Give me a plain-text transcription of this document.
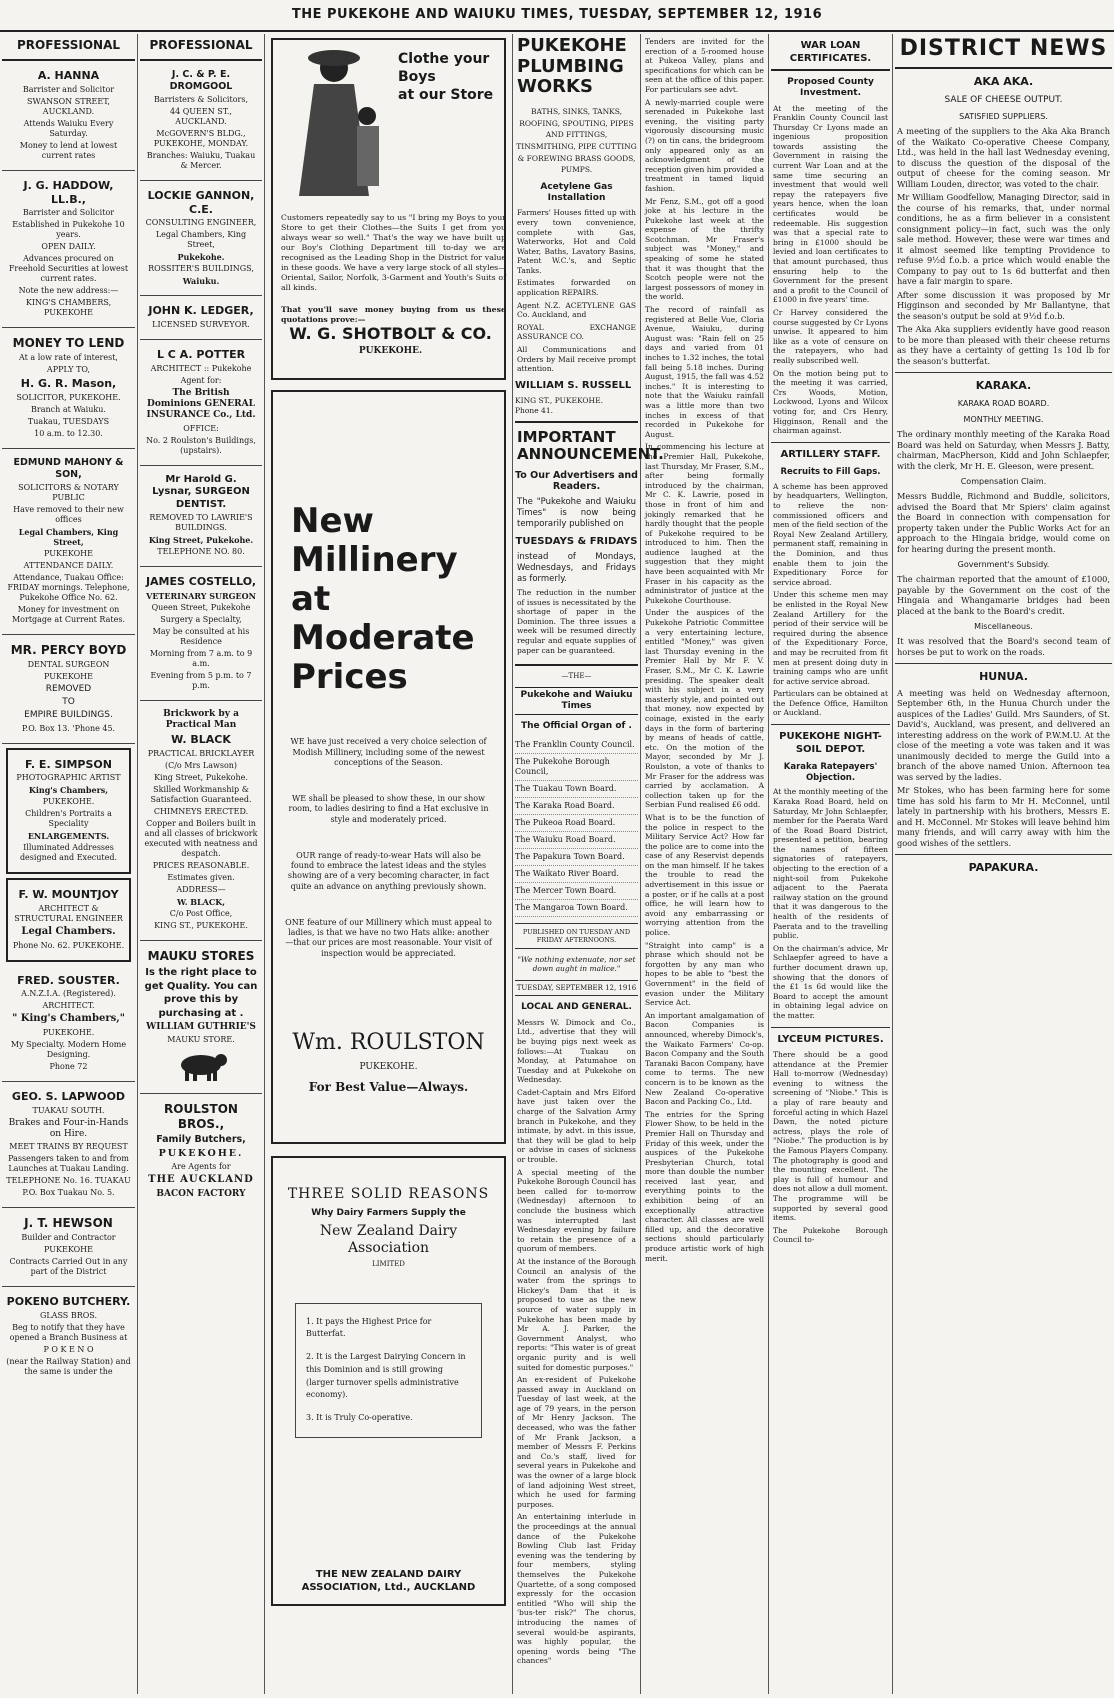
THE PUKEKOHE AND WAIUKU TIMES, TUESDAY, SEPTEMBER 12, 1916
PROFESSIONAL
A. HANNA
Barrister and Solicitor
SWANSON STREET, AUCKLAND.
Attends Waiuku Every Saturday.
Money to lend at lowest current rates
J. G. HADDOW, LL.B.,
Barrister and Solicitor
Established in Pukekohe 10 years.
OPEN DAILY.
Advances procured on Freehold Securities at lowest current rates.
Note the new address:—
KING'S CHAMBERS, PUKEKOHE
MONEY TO LEND
At a low rate of interest,
APPLY TO,
H. G. R. Mason,
SOLICITOR, PUKEKOHE.
Branch at Waiuku.
Tuakau, TUESDAYS
10 a.m. to 12.30.
EDMUND MAHONY & SON,
SOLICITORS & NOTARY PUBLIC
Have removed to their new offices
Legal Chambers, King Street,
PUKEKOHE
ATTENDANCE DAILY.
Attendance, Tuakau Office: FRIDAY mornings. Telephone, Pukekohe Office No. 62.
Money for investment on Mortgage at Current Rates.
MR. PERCY BOYD
DENTAL SURGEON
PUKEKOHE
REMOVED
TO
EMPIRE BUILDINGS.
P.O. Box 13. 'Phone 45.
F. E. SIMPSON
PHOTOGRAPHIC ARTIST
King's Chambers,
PUKEKOHE.
Children's Portraits a Speciality
ENLARGEMENTS.
Illuminated Addresses designed and Executed.
F. W. MOUNTJOY
ARCHITECT & STRUCTURAL ENGINEER
Legal Chambers.
Phone No. 62. PUKEKOHE.
FRED. SOUSTER.
A.N.Z.I.A. (Registered).
ARCHITECT.
" King's Chambers,"
PUKEKOHE.
My Specialty. Modern Home Designing.
Phone 72
GEO. S. LAPWOOD
TUAKAU SOUTH.
Brakes and Four-in-Hands on Hire.
MEET TRAINS BY REQUEST
Passengers taken to and from Launches at Tuakau Landing.
TELEPHONE No. 16. TUAKAU
P.O. Box Tuakau No. 5.
J. T. HEWSON
Builder and Contractor
PUKEKOHE
Contracts Carried Out in any part of the District
POKENO BUTCHERY.
GLASS BROS.
Beg to notify that they have opened a Branch Business at
P O K E N O
(near the Railway Station) and the same is under the
PROFESSIONAL
J. C. & P. E. DROMGOOL
Barristers & Solicitors,
44 QUEEN ST., AUCKLAND.
McGOVERN'S BLDG., PUKEKOHE, MONDAY.
Branches: Waiuku, Tuakau & Mercer.
LOCKIE GANNON, C.E.
CONSULTING ENGINEER,
Legal Chambers, King Street,
Pukekohe.
ROSSITER'S BUILDINGS,
Waiuku.
JOHN K. LEDGER,
LICENSED SURVEYOR.
L C A. POTTER
ARCHITECT :: Pukekohe
Agent for:
The British Dominions GENERAL INSURANCE Co., Ltd.
OFFICE:
No. 2 Roulston's Buildings, (upstairs).
Mr Harold G. Lysnar, SURGEON DENTIST.
REMOVED TO LAWRIE'S BUILDINGS.
King Street, Pukekohe.
TELEPHONE NO. 80.
JAMES COSTELLO,
VETERINARY SURGEON
Queen Street, Pukekohe
Surgery a Specialty,
May be consulted at his Residence
Morning from 7 a.m. to 9 a.m.
Evening from 5 p.m. to 7 p.m.
Brickwork by a Practical Man
W. BLACK
PRACTICAL BRICKLAYER
(C/o Mrs Lawson)
King Street, Pukekohe.
Skilled Workmanship & Satisfaction Guaranteed.
CHIMNEYS ERECTED.
Copper and Boilers built in and all classes of brickwork executed with neatness and despatch.
PRICES REASONABLE.
Estimates given.
ADDRESS—
W. BLACK,
C/o Post Office,
KING ST., PUKEKOHE.
MAUKU STORES
Is the right place to get Quality. You can prove this by purchasing at .
WILLIAM GUTHRIE'S
MAUKU STORE.
ROULSTON BROS.,
Family Butchers,
PUKEKOHE.
Are Agents for
THE AUCKLAND
BACON FACTORY
Clothe your
Boys
at our Store
Customers repeatedly say to us "I bring my Boys to your Store to get their Clothes—the Suits I get from you always wear so well." That's the way we have built up our Boy's Clothing Department till to-day we are recognised as the Leading Shop in the District for value in these goods. We have a very large stock of all styles—Oriental, Sailor, Norfolk, 3-Garment and Youth's Suits of all kinds.
That you'll save money buying from us these quotations prove:—
W. G. SHOTBOLT & CO.
PUKEKOHE.
New Millinery at Moderate Prices
WE have just received a very choice selection of Modish Millinery, including some of the newest conceptions of the Season.
WE shall be pleased to show these, in our show room, to ladies desiring to find a Hat exclusive in style and moderately priced.
OUR range of ready-to-wear Hats will also be found to embrace the latest ideas and the styles showing are of a very becoming character, in fact quite an advance on anything previously shown.
ONE feature of our Millinery which must appeal to ladies, is that we have no two Hats alike: another—that our prices are most reasonable. Your visit of inspection would be appreciated.
Wm. ROULSTON
PUKEKOHE.
For Best Value—Always.
THREE SOLID REASONS
Why Dairy Farmers Supply the
New Zealand Dairy Association
LIMITED
1. It pays the Highest Price for Butterfat.
2. It is the Largest Dairying Concern in this Dominion and is still growing (larger turnover spells administrative economy).
3. It is Truly Co-operative.
THE NEW ZEALAND DAIRY ASSOCIATION, Ltd., AUCKLAND
PUKEKOHE PLUMBING WORKS
BATHS, SINKS, TANKS, ROOFING, SPOUTING, PIPES AND FITTINGS, TINSMITHING, PIPE CUTTING & FOREWING BRASS GOODS, PUMPS.
Acetylene Gas Installation
Farmers' Houses fitted up with every town convenience, complete with Gas, Waterworks, Hot and Cold Water, Baths, Lavatory Basins, Patent W.C.'s, and Septic Tanks.
Estimates forwarded on application REPAIRS.
Agent N.Z. ACETYLENE GAS Co. Auckland, and
ROYAL EXCHANGE ASSURANCE CO.
All Communications and Orders by Mail receive prompt attention.
WILLIAM S. RUSSELL
KING ST., PUKEKOHE.
Phone 41.
IMPORTANT ANNOUNCEMENT.
To Our Advertisers and Readers.
The "Pukekohe and Waiuku Times" is now being temporarily published on
TUESDAYS & FRIDAYS
instead of Mondays, Wednesdays, and Fridays as formerly.
The reduction in the number of issues is necessitated by the shortage of paper in the Dominion. The three issues a week will be resumed directly regular and equate supplies of paper can be guaranteed.
—THE—
Pukekohe and Waiuku Times
The Official Organ of .
The Franklin County Council.
The Pukekohe Borough Council,
The Tuakau Town Board.
The Karaka Road Board.
The Pukeoa Road Board.
The Waiuku Road Board.
The Papakura Town Board.
The Waikato River Board.
The Mercer Town Board.
The Mangaroa Town Board.
PUBLISHED ON TUESDAY AND FRIDAY AFTERNOONS.
"We nothing extenuate, nor set down aught in malice."
TUESDAY, SEPTEMBER 12, 1916
LOCAL AND GENERAL.
Messrs W. Dimock and Co., Ltd., advertise that they will be buying pigs next week as follows:—At Tuakau on Monday, at Patumahoe on Tuesday and at Pukekohe on Wednesday.
Cadet-Captain and Mrs Elford have just taken over the charge of the Salvation Army branch in Pukekohe, and they intimate, by advt. in this issue, that they will be glad to help or advise in cases of sickness or trouble.
A special meeting of the Pukekohe Borough Council has been called for to-morrow (Wednesday) afternoon to conclude the business which was interrupted last Wednesday evening by failure to retain the presence of a quorum of members.
At the instance of the Borough Council an analysis of the water from the springs to Hickey's Dam that it is proposed to use as the new source of water supply in Pukekohe has been made by Mr A. J. Parker, the Government Analyst, who reports: "This water is of great organic purity and is well suited for domestic purposes."
An ex-resident of Pukekohe passed away in Auckland on Tuesday of last week, at the age of 79 years, in the person of Mr Henry Jackson. The deceased, who was the father of Mr Frank Jackson, a member of Messrs F. Perkins and Co.'s staff, lived for several years in Pukekohe and was the owner of a large block of land adjoining West street, which he used for farming purposes.
An entertaining interlude in the proceedings at the annual dance of the Pukekohe Bowling Club last Friday evening was the tendering by four members, styling themselves the Pukekohe Quartette, of a song composed expressly for the occasion entitled "Who will ship the 'bus-ter risk?" The chorus, introducing the names of several would-be aspirants, was highly popular, the opening words being "The chances"
Tenders are invited for the erection of a 5-roomed house at Pukeoa Valley, plans and specifications for which can be seen at the office of this paper. For particulars see advt.
A newly-married couple were serenaded in Pukekohe last evening, the visiting party vigorously discoursing music (?) on tin cans, the bridegroom only appeared only as an acknowledgment of the reception given him provided a treatment in tamed liquid fashion.
Mr Fenz, S.M., got off a good joke at his lecture in the Pukekohe last week at the expense of the thrifty Scotchman. Mr Fraser's subject was "Money," and speaking of some he stated that it was thought that the Scotch people were not the largest possessors of money in the world.
The record of rainfall as registered at Belle Vue, Cloria Avenue, Waiuku, during August was: "Rain fell on 25 days and varied from 01 inches to 1.32 inches, the total fall being 5.18 inches. During August, 1915, the fall was 4.52 inches." It is interesting to note that the Waiuku rainfall was a little more than two inches in excess of that recorded in Pukekohe for August.
In commencing his lecture at the Premier Hall, Pukekohe, last Thursday, Mr Fraser, S.M., after being formally introduced by the chairman, Mr C. K. Lawrie, posed in those in front of him and jokingly remarked that he hardly thought that the people of Pukekohe required to be introduced to him. Then the audience laughed at the suggestion that they might have been acquainted with Mr Fraser in his capacity as the administrator of justice at the Pukekohe Courthouse.
Under the auspices of the Pukekohe Patriotic Committee a very entertaining lecture, entitled "Money," was given last Thursday evening in the Premier Hall by Mr F. V. Fraser, S.M., Mr C. K. Lawrie presiding. The speaker dealt with his subject in a very masterly style, and pointed out that money, now expected by coinage, existed in the early days in the form of bartering by means of heads of cattle, etc. On the motion of the Mayor, seconded by Mr J. Roulston, a vote of thanks to Mr Fraser for the address was carried by acclamation. A collection taken up for the Serbian Fund realised £6 odd.
What is to be the function of the police in respect to the Military Service Act? How far the police are to come into the case of any Reservist depends on the man himself. If he takes the trouble to read the advertisement in this issue or a poster, or if he calls at a post office, he will learn how to avoid any embarrassing or worrying attention from the police.
"Straight into camp" is a phrase which should not be forgotten by any man who hopes to be able to "best the Government" in the field of evasion under the Military Service Act.
An important amalgamation of Bacon Companies is announced, whereby Dimock's, the Waikato Farmers' Co-op. Bacon Company and the South Taranaki Bacon Company, have come to terms. The new concern is to be known as the New Zealand Co-operative Bacon and Packing Co., Ltd.
The entries for the Spring Flower Show, to be held in the Premier Hall on Thursday and Friday of this week, under the auspices of the Pukekohe Presbyterian Church, total more than double the number received last year, and everything points to the exhibition being of an exceptionally attractive character. All classes are well filled up, and the decorative sections should particularly produce artistic work of high merit.
WAR LOAN CERTIFICATES.
Proposed County Investment.
At the meeting of the Franklin County Council last Thursday Cr Lyons made an ingenious proposition towards assisting the Government in raising the current War Loan and at the same time securing an investment that would well repay the ratepayers five years hence, when the loan certificates would be redeemable. His suggestion was that a special rate to bring in £1000 should be levied and loan certificates to that amount purchased, thus ensuring help to the Government for the present and a profit to the Council of £1000 in five years' time.
Cr Harvey considered the course suggested by Cr Lyons unwise. It appeared to him like as a vote of censure on the ratepayers, who had really subscribed well.
On the motion being put to the meeting it was carried, Crs Woods, Motion, Lockwood, Lyons and Wilcox voting for, and Crs Henry, Higginson, Renall and the chairman against.
ARTILLERY STAFF.
Recruits to Fill Gaps.
A scheme has been approved by headquarters, Wellington, to relieve the non-commissioned officers and men of the field section of the Royal New Zealand Artillery, permanent staff, remaining in the Dominion, and thus enable them to join the Expeditionary Force for service abroad.
Under this scheme men may be enlisted in the Royal New Zealand Artillery for the period of their service will be required during the absence of the Expeditionary Force, and may be recruited from fit men at present doing duty in training camps who are unfit for active service abroad.
Particulars can be obtained at the Defence Office, Hamilton or Auckland.
PUKEKOHE NIGHT-SOIL DEPOT.
Karaka Ratepayers' Objection.
At the monthly meeting of the Karaka Road Board, held on Saturday, Mr John Schlaepfer, member for the Paerata Ward of the Road Board District, presented a petition, bearing the names of fifteen signatories of ratepayers, objecting to the erection of a night-soil from Pukekohe adjacent to the Paerata railway station on the ground that it was dangerous to the health of the residents of Paerata and to the travelling public.
On the chairman's advice, Mr Schlaepfer agreed to have a further document drawn up, showing that the donors of the £1 1s 6d would like the Board to accept the amount in obtaining legal advice on the matter.
LYCEUM PICTURES.
There should be a good attendance at the Premier Hall to-morrow (Wednesday) evening to witness the screening of "Niobe." This is a play of rare beauty and forceful acting in which Hazel Dawn, the noted picture actress, plays the role of "Niobe." The production is by the Famous Players Company. The photography is good and the mounting excellent. The play is full of humour and does not allow a dull moment. The programme will be supported by several good items.
The Pukekohe Borough Council to-
DISTRICT NEWS
AKA AKA.
SALE OF CHEESE OUTPUT.
SATISFIED SUPPLIERS.
A meeting of the suppliers to the Aka Aka Branch of the Waikato Co-operative Cheese Company, Ltd., was held in the hall last Wednesday evening, to discuss the question of the disposal of the output of cheese for the coming season. Mr William Louden, director, was voted to the chair.
Mr William Goodfellow, Managing Director, said in the course of his remarks, that, under normal conditions, he as a firm believer in a consistent consignment policy—in fact, such was the only sale method. However, these were war times and it almost seemed like tempting Providence to refuse 9½d f.o.b. a price which would enable the Company to pay out to 1s 6d butterfat and then have a fair margin to spare.
After some discussion it was proposed by Mr Higginson and seconded by Mr Ballantyne, that the season's output be sold at 9½d f.o.b.
The Aka Aka suppliers evidently have good reason to be more than pleased with their cheese returns as they have a certainty of getting 1s 10d lb for the season's butterfat.
KARAKA.
KARAKA ROAD BOARD.
MONTHLY MEETING.
The ordinary monthly meeting of the Karaka Road Board was held on Saturday, when Messrs J. Batty, chairman, MacPherson, Kidd and John Schlaepfer, with the clerk, Mr H. E. Gleeson, were present.
Compensation Claim.
Messrs Buddle, Richmond and Buddle, solicitors, advised the Board that Mr Spiers' claim against the Board in connection with compensation for property taken under the Public Works Act for an approach to the Hingaia bridge, would come on for hearing during the present month.
Government's Subsidy.
The chairman reported that the amount of £1000, payable by the Government on the cost of the Hingaia and Whangamarie bridges had been placed at the bank to the Board's credit.
Miscellaneous.
It was resolved that the Board's second team of horses be put to work on the roads.
HUNUA.
A meeting was held on Wednesday afternoon, September 6th, in the Hunua Church under the auspices of the Ladies' Guild. Mrs Saunders, of St. David's, Auckland, was present, and delivered an interesting address on the work of P.W.M.U. At the close of the meeting a vote was taken and it was unanimously decided to merge the Guild into a branch of the above named Union. Afternoon tea was served by the ladies.
Mr Stokes, who has been farming here for some time has sold his farm to Mr H. McConnel, until lately in partnership with his brothers, Messrs E. and H. McConnel. Mr Stokes will leave behind him many friends, and will carry away with him the good wishes of the settlers.
PAPAKURA.
